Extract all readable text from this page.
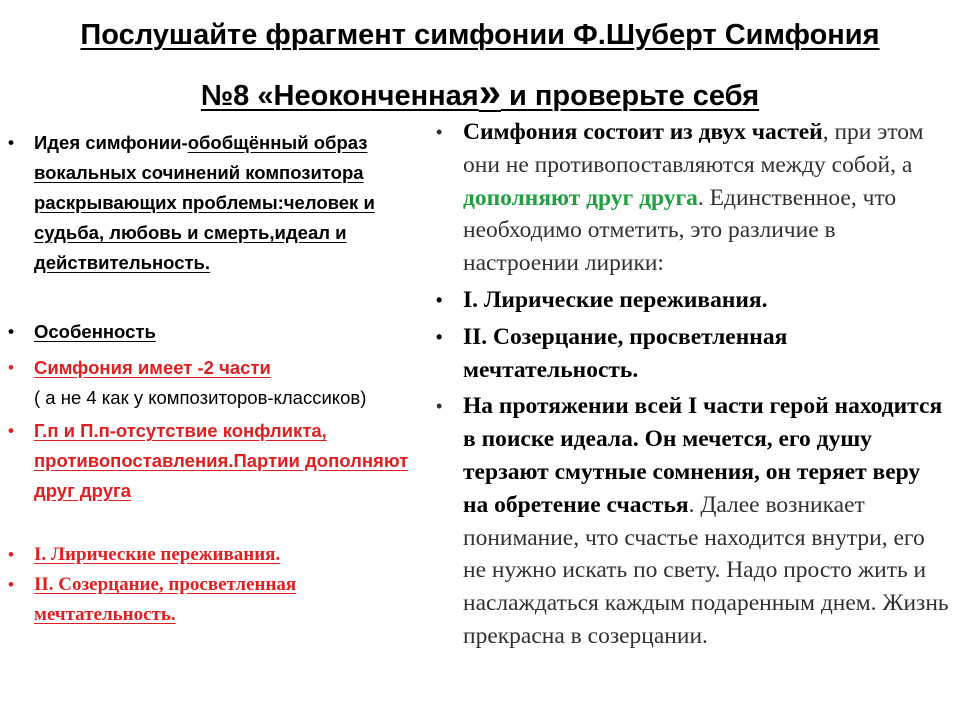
Послушайте фрагмент симфонии Ф.Шуберт Симфония
№8 «Неоконченная» и проверьте себя
• Идея симфонии-обобщённый образ вокальных сочинений композитора раскрывающих проблемы:человек и судьба, любовь и смерть,идеал и действительность.
• Особенность
• Симфония имеет -2 части
( а не 4 как у композиторов-классиков)
• Г.п и П.п-отсутствие конфликта, противопоставления.Партии дополняют друг друга
• I. Лирические переживания.
• II. Созерцание, просветленная мечтательность.
• Симфония состоит из двух частей, при этом они не противопоставляются между собой, а дополняют друг друга. Единственное, что необходимо отметить, это различие в настроении лирики:
• I. Лирические переживания.
• II. Созерцание, просветленная мечтательность.
• На протяжении всей I части герой находится в поиске идеала. Он мечется, его душу терзают смутные сомнения, он теряет веру на обретение счастья. Далее возникает понимание, что счастье находится внутри, его не нужно искать по свету. Надо просто жить и наслаждаться каждым подаренным днем. Жизнь прекрасна в созерцании.
